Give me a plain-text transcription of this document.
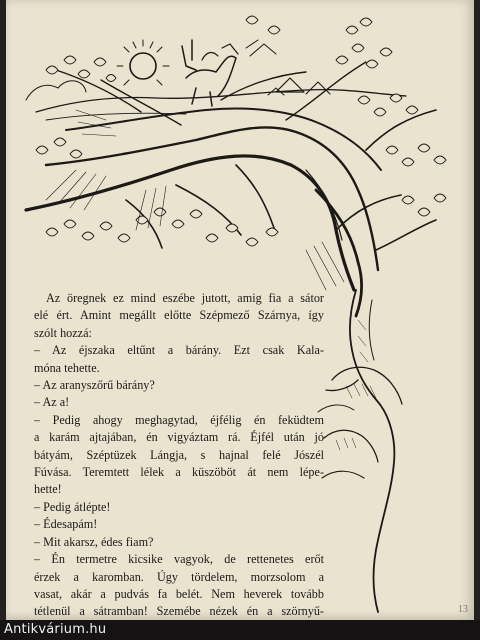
Az öregnek ez mind eszébe jutott, amig fia a sátor
elé ért. Amint megállt előtte Szépmező Szárnya, így
szólt hozzá:

– Az éjszaka eltűnt a bárány. Ezt csak Kala-
móna tehette.

– Az aranyszőrű bárány?

– Az a!

– Pedig ahogy meghagytad, éjfélig én feküdtem
a karám ajtajában, én vigyáztam rá. Éjfél után jó
bátyám, Széptüzek Lángja, s hajnal felé Jószél
Fúvása. Teremtett lélek a küszöböt át nem lépe-
hette!

– Pedig átlépte!

– Édesapám!

– Mit akarsz, édes fiam?

– Én termetre kicsike vagyok, de rettenetes erőt
érzek a karomban. Úgy tördelem, morzsolom a
vasat, akár a pudvás fa belét. Nem heverek tovább
tétlenül a sátramban! Szemébe nézek én a szörnyű-	13
Antikvárium.hu
